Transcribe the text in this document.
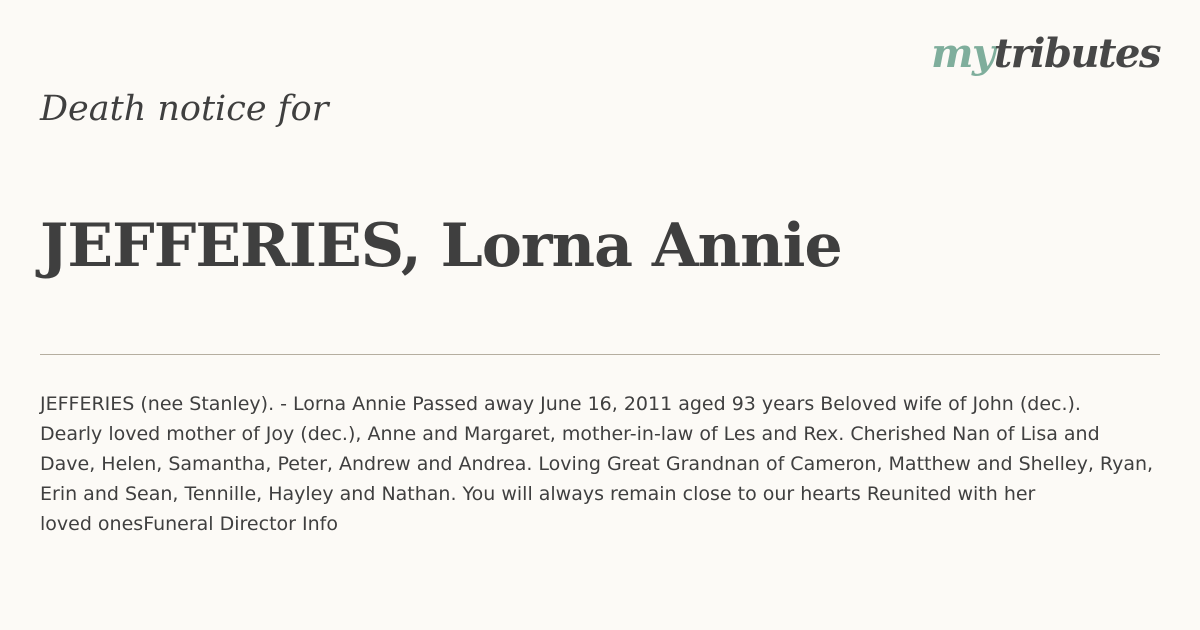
mytributes
Death notice for
JEFFERIES, Lorna Annie

JEFFERIES (nee Stanley). - Lorna Annie Passed away June 16, 2011 aged 93 years Beloved wife of John (dec.).
Dearly loved mother of Joy (dec.), Anne and Margaret, mother-in-law of Les and Rex. Cherished Nan of Lisa and
Dave, Helen, Samantha, Peter, Andrew and Andrea. Loving Great Grandnan of Cameron, Matthew and Shelley, Ryan,
Erin and Sean, Tennille, Hayley and Nathan. You will always remain close to our hearts Reunited with her
loved onesFuneral Director Info
